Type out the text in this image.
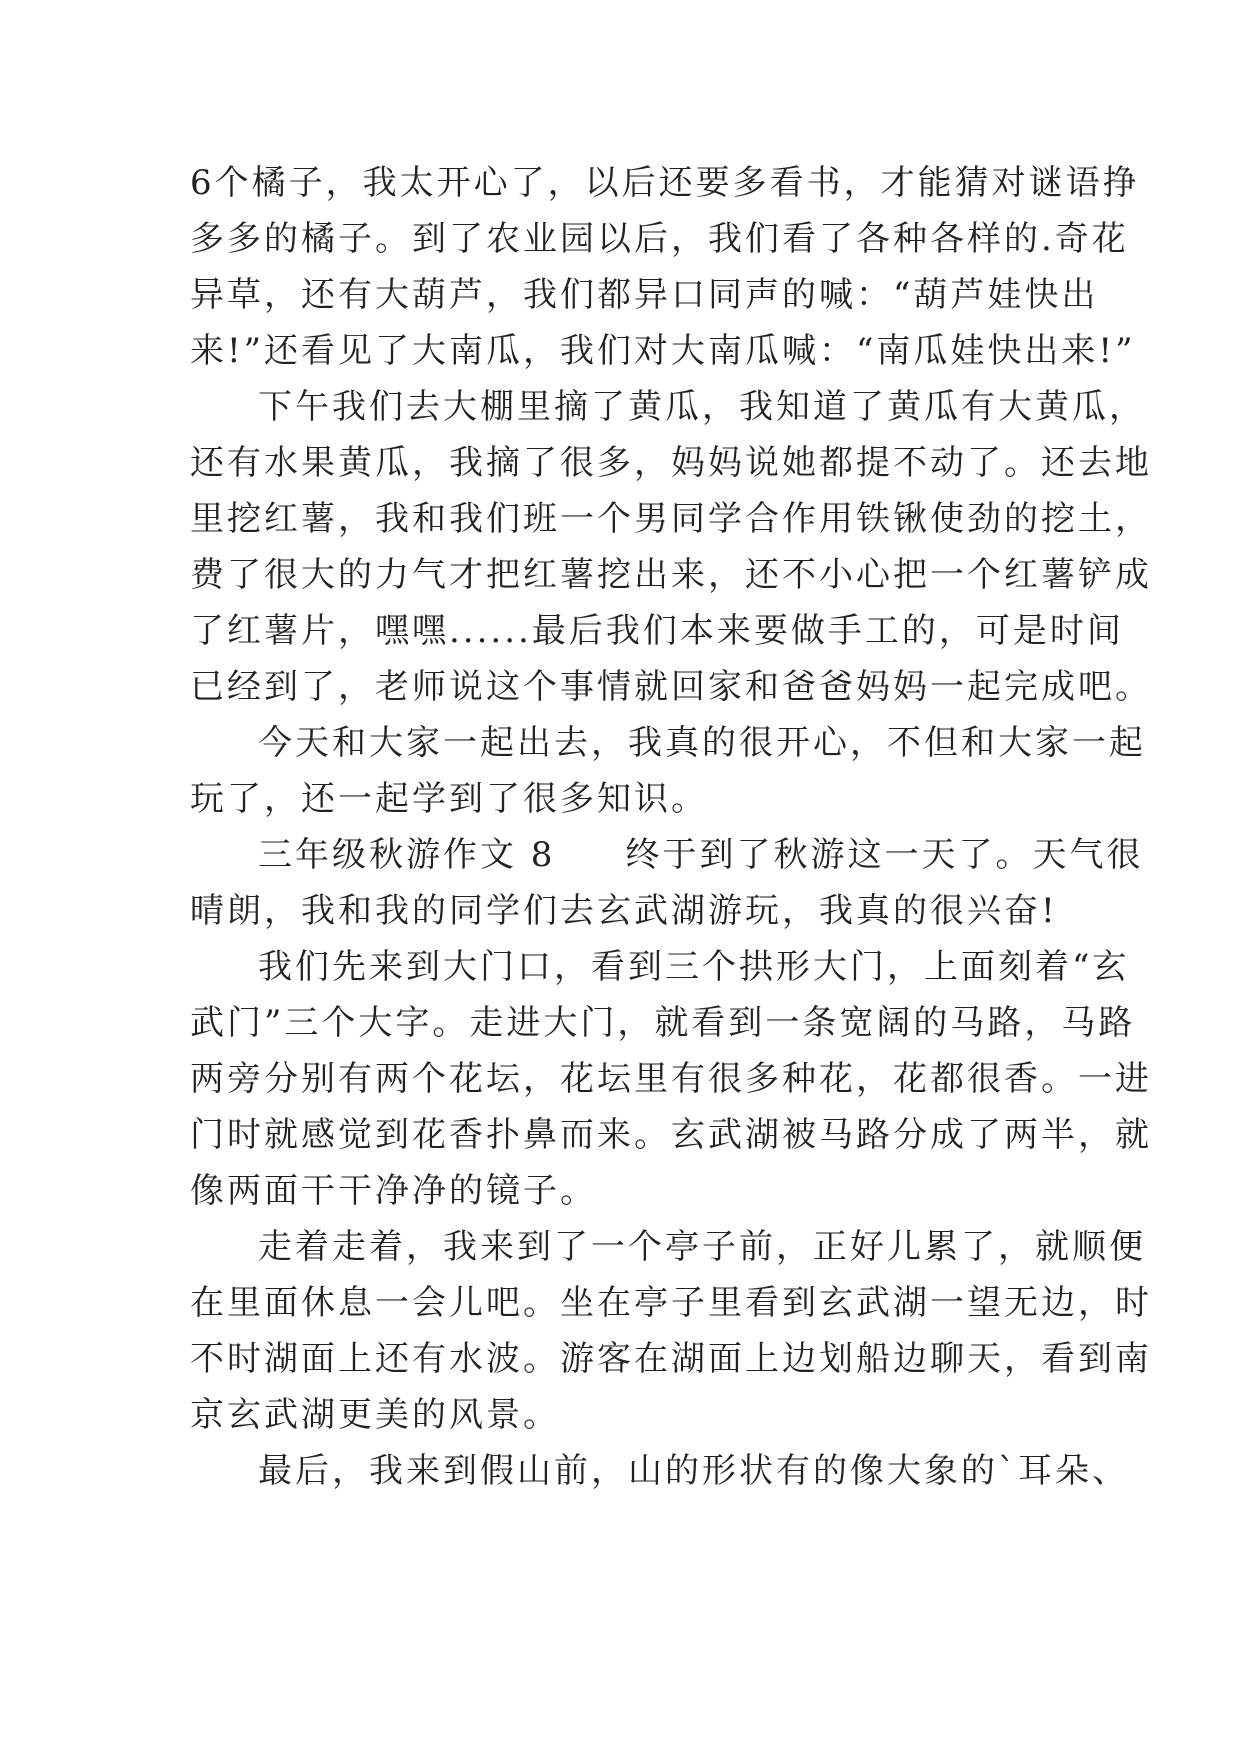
6个橘子，我太开心了，以后还要多看书，才能猜对谜语挣
多多的橘子。到了农业园以后，我们看了各种各样的.奇花
异草，还有大葫芦，我们都异口同声的喊：“葫芦娃快出
来!”还看见了大南瓜，我们对大南瓜喊：“南瓜娃快出来!”
下午我们去大棚里摘了黄瓜，我知道了黄瓜有大黄瓜，
还有水果黄瓜，我摘了很多，妈妈说她都提不动了。还去地
里挖红薯，我和我们班一个男同学合作用铁锹使劲的挖土，
费了很大的力气才把红薯挖出来，还不小心把一个红薯铲成
了红薯片，嘿嘿......最后我们本来要做手工的，可是时间
已经到了，老师说这个事情就回家和爸爸妈妈一起完成吧。
今天和大家一起出去，我真的很开心，不但和大家一起
玩了，还一起学到了很多知识。
三年级秋游作文 8 终于到了秋游这一天了。天气很
晴朗，我和我的同学们去玄武湖游玩，我真的很兴奋!
我们先来到大门口，看到三个拱形大门，上面刻着“玄
武门”三个大字。走进大门，就看到一条宽阔的马路，马路
两旁分别有两个花坛，花坛里有很多种花，花都很香。一进
门时就感觉到花香扑鼻而来。玄武湖被马路分成了两半，就
像两面干干净净的镜子。
走着走着，我来到了一个亭子前，正好儿累了，就顺便
在里面休息一会儿吧。坐在亭子里看到玄武湖一望无边，时
不时湖面上还有水波。游客在湖面上边划船边聊天，看到南
京玄武湖更美的风景。
最后，我来到假山前，山的形状有的像大象的`耳朵、
